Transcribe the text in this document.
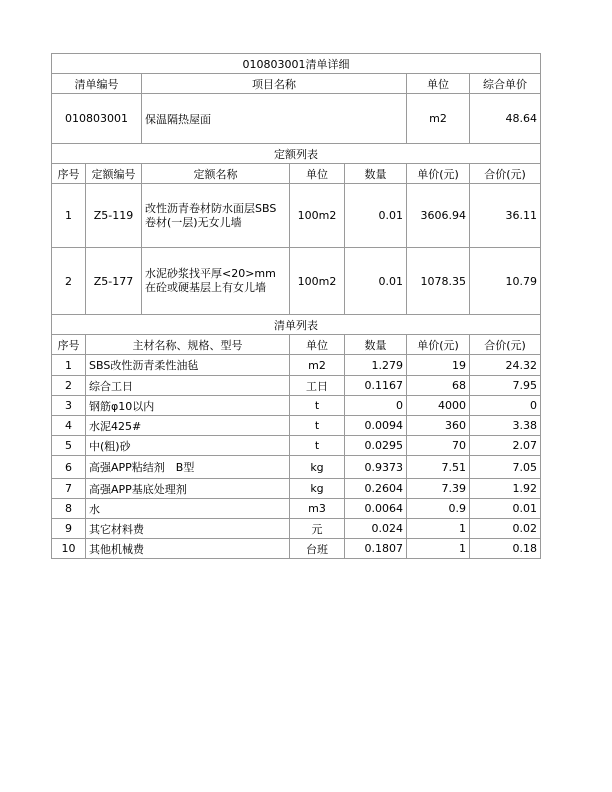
010803001清单详细						
清单编号		项目名称			单位	综合单价
010803001		保温隔热屋面			m2	48.64
定额列表						
序号	定额编号	定额名称	单位	数量	单价(元)	合价(元)
1	Z5-119	改性沥青卷材防水面层SBS卷材(一层)无女儿墙	100m2	0.01	3606.94	36.11
2	Z5-177	水泥砂浆找平厚<20>mm 在砼或硬基层上有女儿墙	100m2	0.01	1078.35	10.79
清单列表						
序号	主材名称、规格、型号		单位	数量	单价(元)	合价(元)
1	SBS改性沥青柔性油毡		m2	1.279	19	24.32
2	综合工日		工日	0.1167	68	7.95
3	钢筋φ10以内		t	0	4000	0
4	水泥425#		t	0.0094	360	3.38
5	中(粗)砂		t	0.0295	70	2.07
6	高强APP粘结剂　B型		kg	0.9373	7.51	7.05
7	高强APP基底处理剂		kg	0.2604	7.39	1.92
8	水		m3	0.0064	0.9	0.01
9	其它材料费		元	0.024	1	0.02
10	其他机械费		台班	0.1807	1	0.18
